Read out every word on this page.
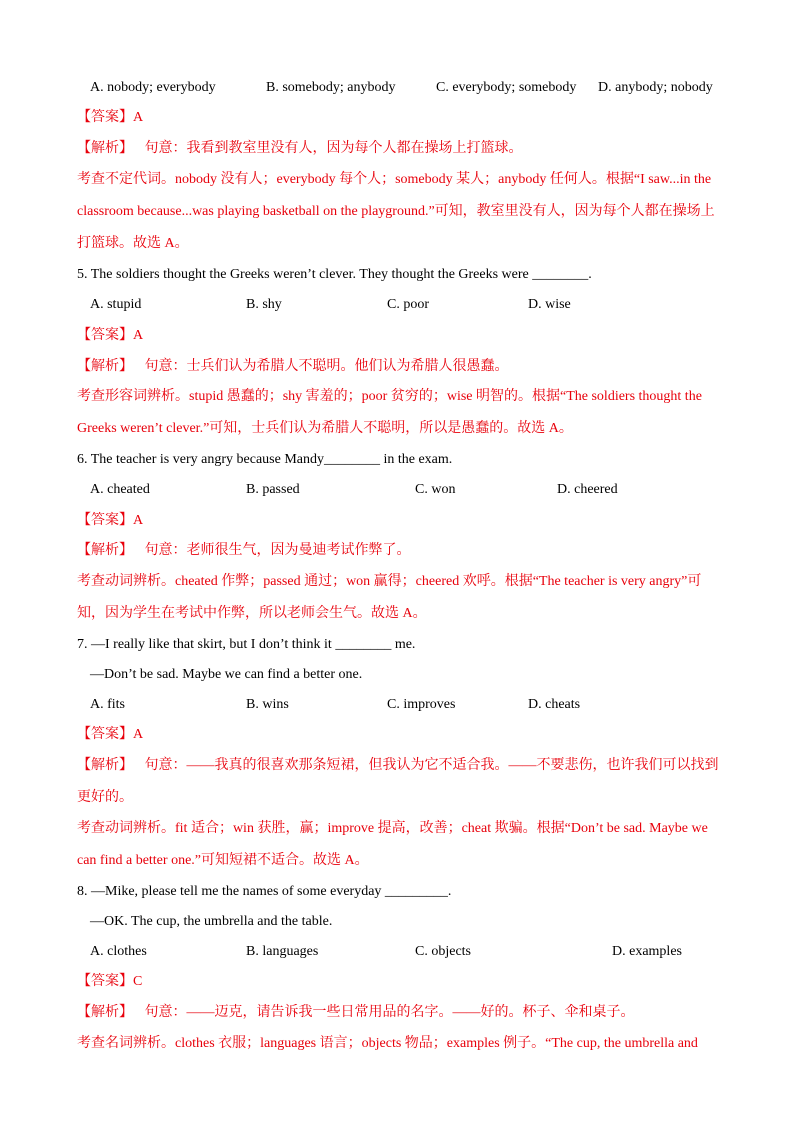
A. nobody; everybody	B. somebody; anybody	C. everybody; somebody D. anybody; nobody
【答案】A
【解析】 句意：我看到教室里没有人，因为每个人都在操场上打篮球。
考查不定代词。nobody 没有人；everybody 每个人；somebody 某人；anybody 任何人。根据“I saw...in the
classroom because...was playing basketball on the playground.”可知，教室里没有人，因为每个人都在操场上
打篮球。故选 A。
5. The soldiers thought the Greeks weren’t clever. They thought the Greeks were ________.
A. stupid	B. shy	C. poor	D. wise
【答案】A
【解析】 句意：士兵们认为希腊人不聪明。他们认为希腊人很愚蠢。
考查形容词辨析。stupid 愚蠢的；shy 害羞的；poor 贫穷的；wise 明智的。根据“The soldiers thought the
Greeks weren’t clever.”可知，士兵们认为希腊人不聪明，所以是愚蠢的。故选 A。
6. The teacher is very angry because Mandy________ in the exam.
A. cheated	B. passed	C. won	D. cheered
【答案】A
【解析】 句意：老师很生气，因为曼迪考试作弊了。
考查动词辨析。cheated 作弊；passed 通过；won 赢得；cheered 欢呼。根据“The teacher is very angry”可
知，因为学生在考试中作弊，所以老师会生气。故选 A。
7. —I really like that skirt, but I don’t think it ________ me.
—Don’t be sad. Maybe we can find a better one.
A. fits	B. wins	C. improves	D. cheats
【答案】A
【解析】 句意：——我真的很喜欢那条短裙，但我认为它不适合我。——不要悲伤，也许我们可以找到
更好的。
考查动词辨析。fit 适合；win 获胜，赢；improve 提高，改善；cheat 欺骗。根据“Don’t be sad. Maybe we
can find a better one.”可知短裙不适合。故选 A。
8. —Mike, please tell me the names of some everyday _________.
—OK. The cup, the umbrella and the table.
A. clothes	B. languages	C. objects	D. examples
【答案】C
【解析】 句意：——迈克，请告诉我一些日常用品的名字。——好的。杯子、伞和桌子。
考查名词辨析。clothes 衣服；languages 语言；objects 物品；examples 例子。“The cup, the umbrella and
